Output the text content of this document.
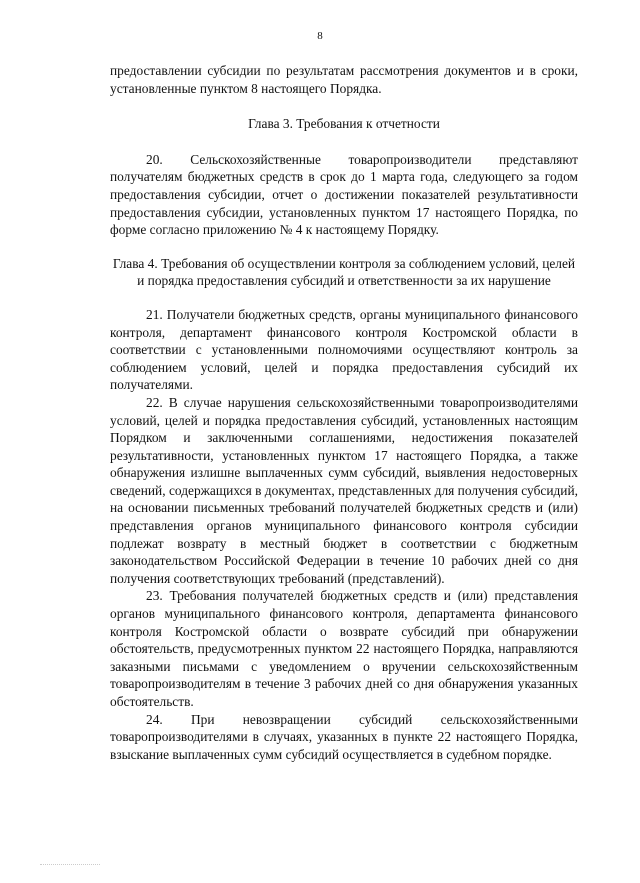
8

предоставлении субсидии по результатам рассмотрения документов и в сроки, установленные пунктом 8 настоящего Порядка.

Глава 3. Требования к отчетности

20. Сельскохозяйственные товаропроизводители представляют получателям бюджетных средств в срок до 1 марта года, следующего за годом предоставления субсидии, отчет о достижении показателей результативности предоставления субсидии, установленных пунктом 17 настоящего Порядка, по форме согласно приложению № 4 к настоящему Порядку.

Глава 4. Требования об осуществлении контроля за соблюдением условий, целей и порядка предоставления субсидий и ответственности за их нарушение

21. Получатели бюджетных средств, органы муниципального финансового контроля, департамент финансового контроля Костромской области в соответствии с установленными полномочиями осуществляют контроль за соблюдением условий, целей и порядка предоставления субсидий их получателями.

22. В случае нарушения сельскохозяйственными товаропроизводителями условий, целей и порядка предоставления субсидий, установленных настоящим Порядком и заключенными соглашениями, недостижения показателей результативности, установленных пунктом 17 настоящего Порядка, а также обнаружения излишне выплаченных сумм субсидий, выявления недостоверных сведений, содержащихся в документах, представленных для получения субсидий, на основании письменных требований получателей бюджетных средств и (или) представления органов муниципального финансового контроля субсидии подлежат возврату в местный бюджет в соответствии с бюджетным законодательством Российской Федерации в течение 10 рабочих дней со дня получения соответствующих требований (представлений).

23. Требования получателей бюджетных средств и (или) представления органов муниципального финансового контроля, департамента финансового контроля Костромской области о возврате субсидий при обнаружении обстоятельств, предусмотренных пунктом 22 настоящего Порядка, направляются заказными письмами с уведомлением о вручении сельскохозяйственным товаропроизводителям в течение 3 рабочих дней со дня обнаружения указанных обстоятельств.

24. При невозвращении субсидий сельскохозяйственными товаропроизводителями в случаях, указанных в пункте 22 настоящего Порядка, взыскание выплаченных сумм субсидий осуществляется в судебном порядке.
